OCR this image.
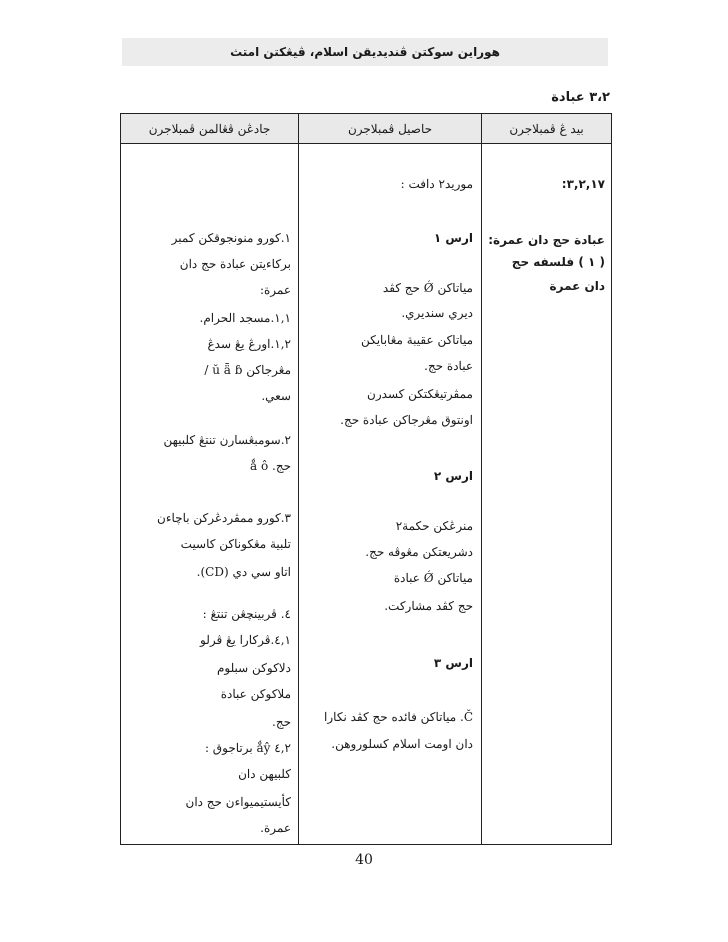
هوراين سوكتن ڤنديديقن اسلام، ڤيڠكتن امتث
٣،٢ عبادة
بيد ڠ ڤمبلاجرن
حاصيل ڤمبلاجرن
جادڠن ڤڠالمن ڤمبلاجرن

٣,٢,١٧:

عبادة حج دان عمرة:

( ١ ) فلسفه حج

دان عمرة

موريد٢ دافت :

ارس ١

مياتاكن Ǿ حج كڤد

ديري سنديري.

مياتاكن عقيبة مڠابايكن

عبادة حج.

ممڤرتيڠكتكن كسدرن

اونتوق مڠرجاكن عبادة حج.

ارس ٢

منرڠكن حكمة٢

دشريعتكن مڠوڤه حج.

مياتاكن Ǿ عبادة

حج كڤد مشاركت.

ارس ٣

Č. مياتاكن فائده حج كڤد نكارا

دان اومت اسلام كسلوروهن.

١.كورو منونجوقكن كمبر

بركاءيتن عبادة حج دان

عمرة:

١,١.مسجد الحرام.

١,٢.اورڠ يڠ سدڠ

مڠرجاكن ŭ ǟ ɓ /

سعي.

٢.سومبڠسارن تنتڠ كلبيهن

حج. ǻ ô

٣.كورو ممڤردڠركن باچاءن

تلبية مڠكوناكن كاسيت

اتاو سي دي (CD).

٤. ڤربينچڠن تنتڠ :

٤,١.ڤركارا يڠ ڤرلو

دلاكوكن سبلوم

ملاكوكن عبادة

حج.

٤,٢ ǻŷ برتاجوق :

كلبيهن دان

كأيستيميواءن حج دان

عمرة.

40
